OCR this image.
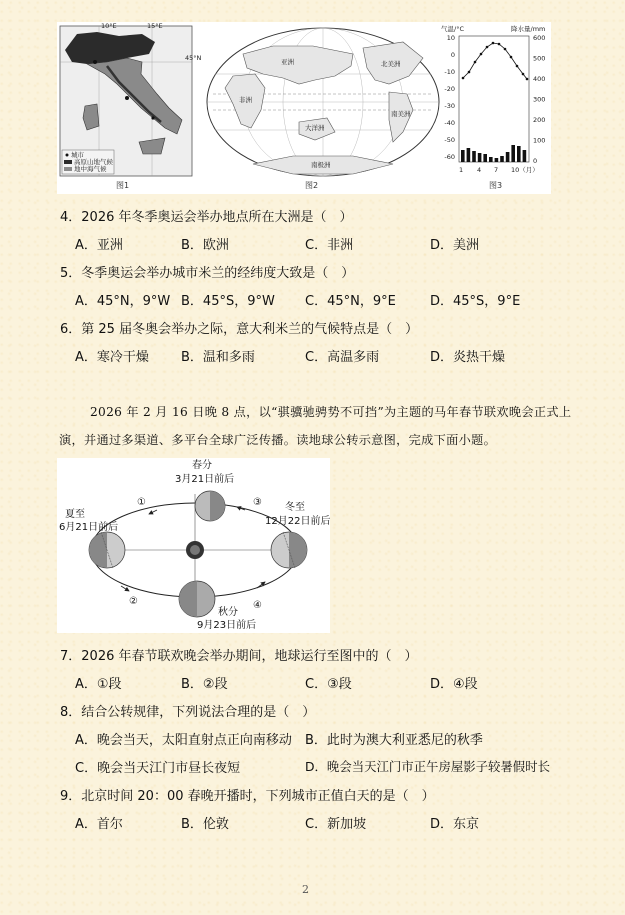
10°E	15°E
45°N
城市
高原山地气候
地中海气候
图1
亚洲
非洲
北美洲
南美洲
大洋洲
南极洲
图2
气温/°C	降水量/mm
10
0
-10
-20
-30
-40
-50
-60
600
500
400
300
200
100
0
1 4 7 10（月）
图3
4．2026 年冬季奥运会举办地点所在大洲是（　）
A．亚洲	B．欧洲	C．非洲	D．美洲
5．冬季奥运会举办城市米兰的经纬度大致是（　）
A．45°N，9°W B．45°S，9°W C．45°N，9°E	D．45°S，9°E
6．第 25 届冬奥会举办之际，意大利米兰的气候特点是（　）
A．寒冷干燥 B．温和多雨	C．高温多雨	D．炎热干燥
2026 年 2 月 16 日晚 8 点，以“骐骥驰骋势不可挡”为主题的马年春节联欢晚会正式上
演，并通过多渠道、多平台全球广泛传播。读地球公转示意图，完成下面小题。
春分
3月21日前后
夏至
6月21日前后
冬至
12月22日前后
秋分
9月23日前后
①
②
③
④
7．2026 年春节联欢晚会举办期间，地球运行至图中的（　）
A．①段	B．②段	C．③段	D．④段
8．结合公转规律，下列说法合理的是（　）
A．晚会当天，太阳直射点正向南移动 B．此时为澳大利亚悉尼的秋季
C．晚会当天江门市昼长夜短	D．晚会当天江门市正午房屋影子较暑假时长
9．北京时间 20：00 春晚开播时，下列城市正值白天的是（　）
A．首尔	B．伦敦	C．新加坡	D．东京
2
